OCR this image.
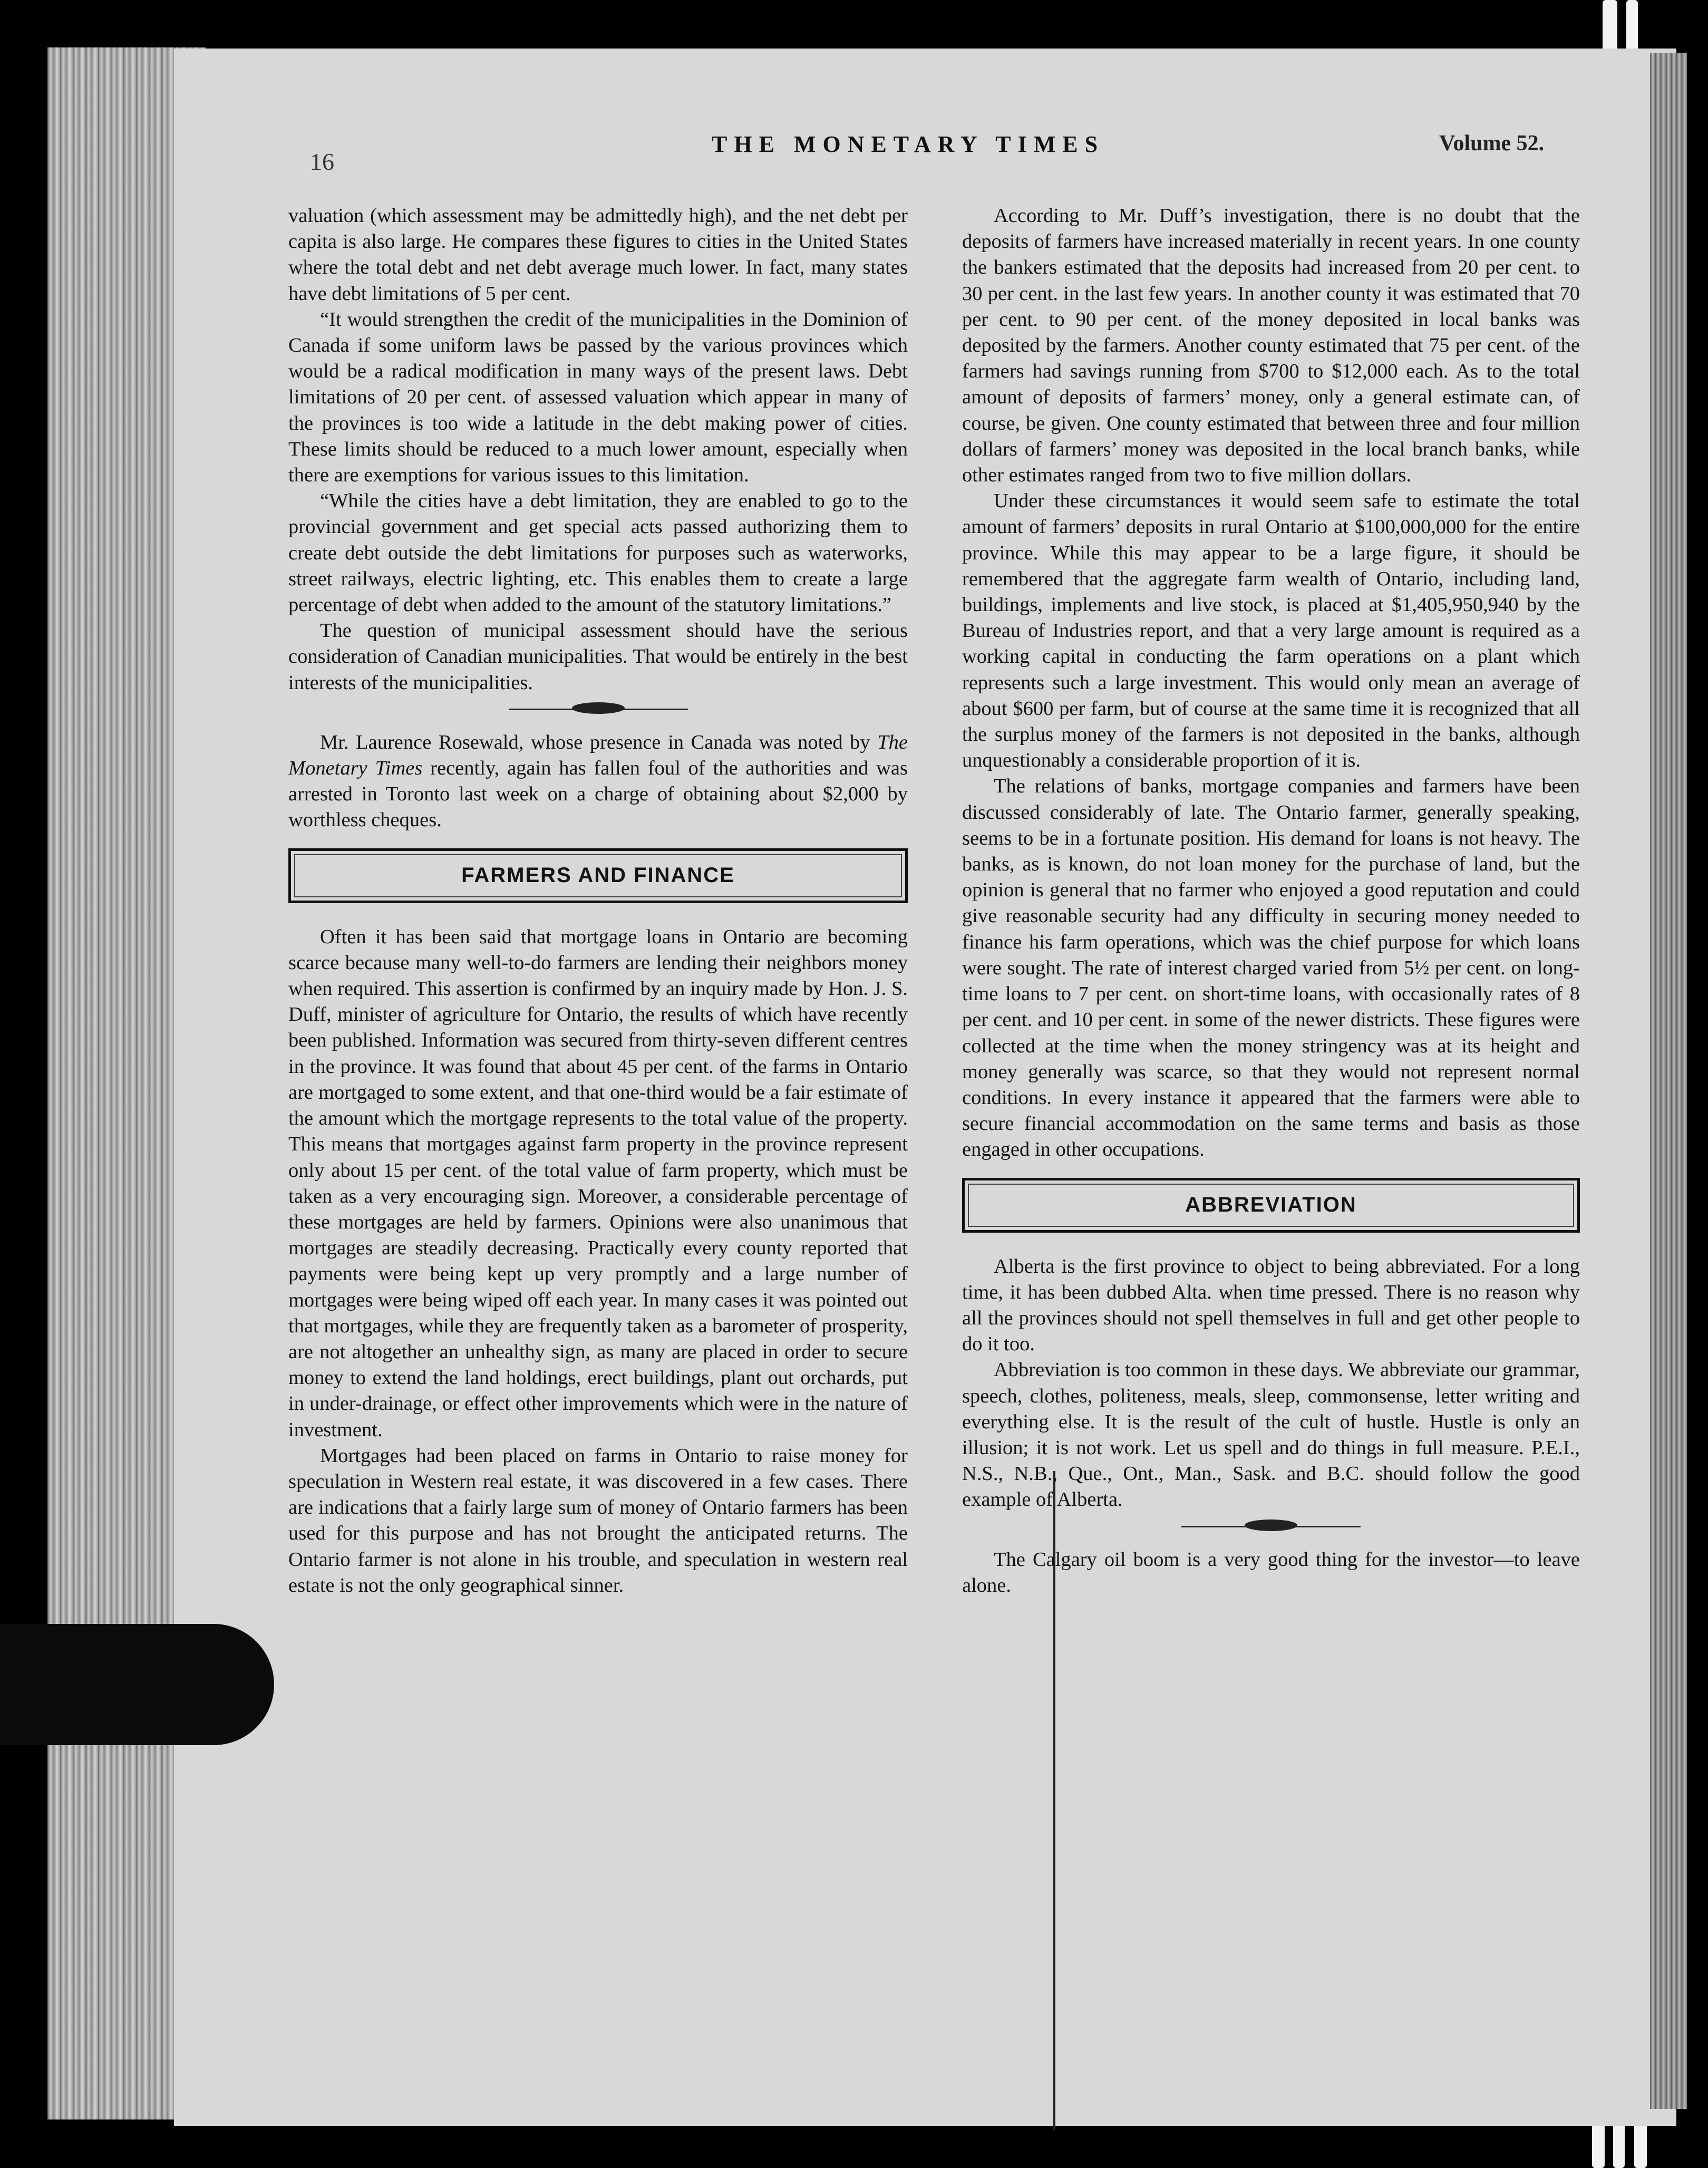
16
THE MONETARY TIMES	Volume 52.

valuation (which assessment may be admittedly high), and the net debt per capita is also large. He compares these figures to cities in the United States where the total debt and net debt average much lower. In fact, many states have debt limitations of 5 per cent.

“It would strengthen the credit of the municipalities in the Dominion of Canada if some uniform laws be passed by the various provinces which would be a radical modification in many ways of the present laws. Debt limitations of 20 per cent. of assessed valuation which appear in many of the provinces is too wide a latitude in the debt making power of cities. These limits should be reduced to a much lower amount, especially when there are exemptions for various issues to this limitation.

“While the cities have a debt limitation, they are enabled to go to the provincial government and get special acts passed authorizing them to create debt outside the debt limitations for purposes such as waterworks, street railways, electric lighting, etc. This enables them to create a large percentage of debt when added to the amount of the statutory limitations.”

The question of municipal assessment should have the serious consideration of Canadian municipalities. That would be entirely in the best interests of the municipalities.

Mr. Laurence Rosewald, whose presence in Canada was noted by The Monetary Times recently, again has fallen foul of the authorities and was arrested in Toronto last week on a charge of obtaining about $2,000 by worthless cheques.

FARMERS AND FINANCE

Often it has been said that mortgage loans in Ontario are becoming scarce because many well-to-do farmers are lending their neighbors money when required. This assertion is confirmed by an inquiry made by Hon. J. S. Duff, minister of agriculture for Ontario, the results of which have recently been published. Information was secured from thirty-seven different centres in the province. It was found that about 45 per cent. of the farms in Ontario are mortgaged to some extent, and that one-third would be a fair estimate of the amount which the mortgage represents to the total value of the property. This means that mortgages against farm property in the province represent only about 15 per cent. of the total value of farm property, which must be taken as a very encouraging sign. Moreover, a considerable percentage of these mortgages are held by farmers. Opinions were also unanimous that mortgages are steadily decreasing. Practically every county reported that payments were being kept up very promptly and a large number of mortgages were being wiped off each year. In many cases it was pointed out that mortgages, while they are frequently taken as a barometer of prosperity, are not altogether an unhealthy sign, as many are placed in order to secure money to extend the land holdings, erect buildings, plant out orchards, put in under-drainage, or effect other improvements which were in the nature of investment.

Mortgages had been placed on farms in Ontario to raise money for speculation in Western real estate, it was discovered in a few cases. There are indications that a fairly large sum of money of Ontario farmers has been used for this purpose and has not brought the anticipated returns. The Ontario farmer is not alone in his trouble, and speculation in western real estate is not the only geographical sinner.

According to Mr. Duff’s investigation, there is no doubt that the deposits of farmers have increased materially in recent years. In one county the bankers estimated that the deposits had increased from 20 per cent. to 30 per cent. in the last few years. In another county it was estimated that 70 per cent. to 90 per cent. of the money deposited in local banks was deposited by the farmers. Another county estimated that 75 per cent. of the farmers had savings running from $700 to $12,000 each. As to the total amount of deposits of farmers’ money, only a general estimate can, of course, be given. One county estimated that between three and four million dollars of farmers’ money was deposited in the local branch banks, while other estimates ranged from two to five million dollars.

Under these circumstances it would seem safe to estimate the total amount of farmers’ deposits in rural Ontario at $100,000,000 for the entire province. While this may appear to be a large figure, it should be remembered that the aggregate farm wealth of Ontario, including land, buildings, implements and live stock, is placed at $1,405,950,940 by the Bureau of Industries report, and that a very large amount is required as a working capital in conducting the farm operations on a plant which represents such a large investment. This would only mean an average of about $600 per farm, but of course at the same time it is recognized that all the surplus money of the farmers is not deposited in the banks, although unquestionably a considerable proportion of it is.

The relations of banks, mortgage companies and farmers have been discussed considerably of late. The Ontario farmer, generally speaking, seems to be in a fortunate position. His demand for loans is not heavy. The banks, as is known, do not loan money for the purchase of land, but the opinion is general that no farmer who enjoyed a good reputation and could give reasonable security had any difficulty in securing money needed to finance his farm operations, which was the chief purpose for which loans were sought. The rate of interest charged varied from 5½ per cent. on long-time loans to 7 per cent. on short-time loans, with occasionally rates of 8 per cent. and 10 per cent. in some of the newer districts. These figures were collected at the time when the money stringency was at its height and money generally was scarce, so that they would not represent normal conditions. In every instance it appeared that the farmers were able to secure financial accommodation on the same terms and basis as those engaged in other occupations.

ABBREVIATION

Alberta is the first province to object to being abbreviated. For a long time, it has been dubbed Alta. when time pressed. There is no reason why all the provinces should not spell themselves in full and get other people to do it too.

Abbreviation is too common in these days. We abbreviate our grammar, speech, clothes, politeness, meals, sleep, commonsense, letter writing and everything else. It is the result of the cult of hustle. Hustle is only an illusion; it is not work. Let us spell and do things in full measure. P.E.I., N.S., N.B., Que., Ont., Man., Sask. and B.C. should follow the good example of Alberta.

The Calgary oil boom is a very good thing for the investor—to leave alone.
